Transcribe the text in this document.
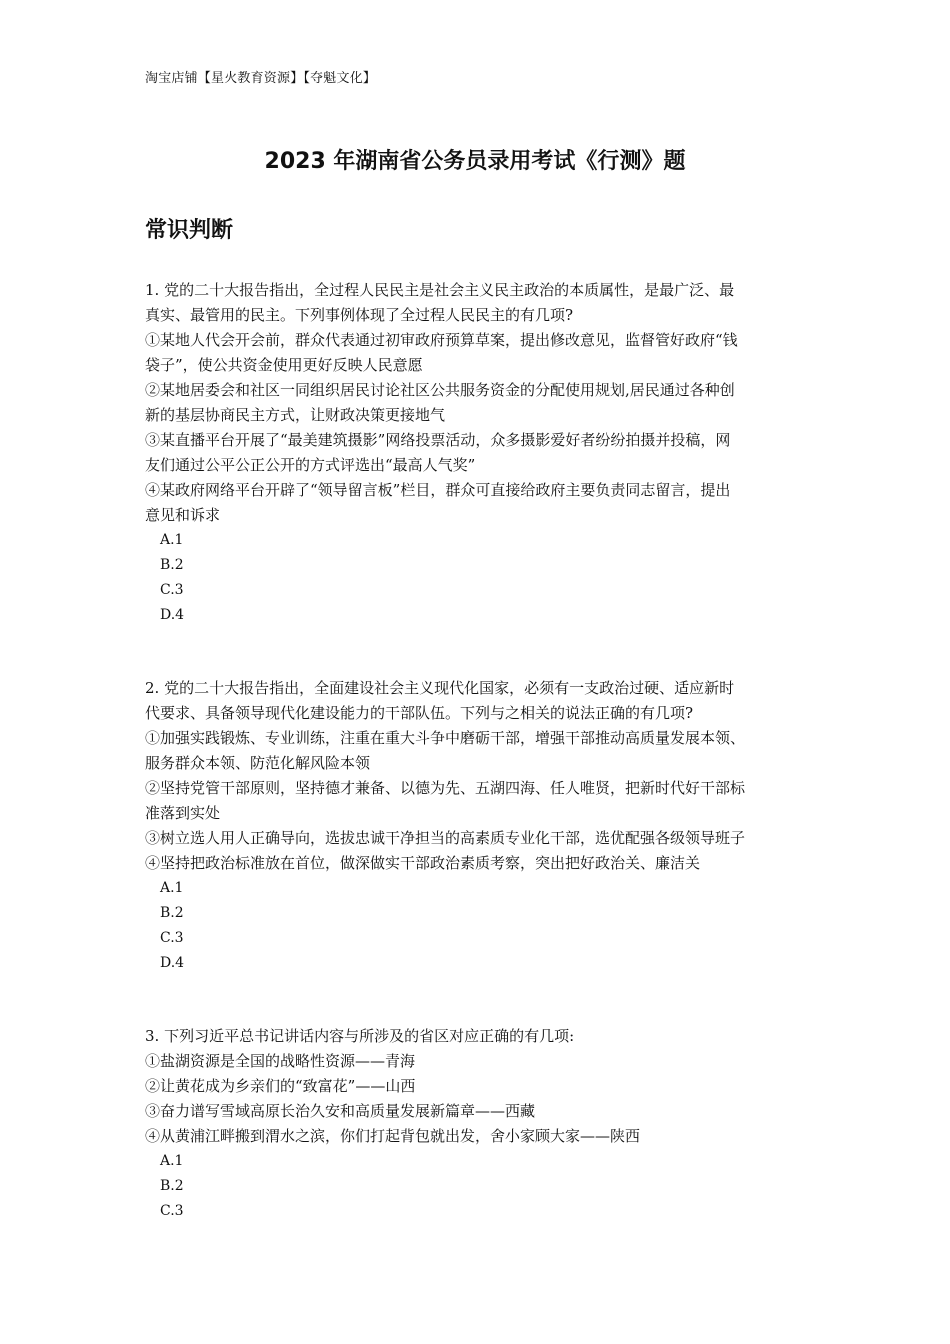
淘宝店铺【星火教育资源】【夺魁文化】
2023 年湖南省公务员录用考试《行测》题
常识判断
1. 党的二十大报告指出，全过程人民民主是社会主义民主政治的本质属性，是最广泛、最
真实、最管用的民主。下列事例体现了全过程人民民主的有几项?
①某地人代会开会前，群众代表通过初审政府预算草案，提出修改意见，监督管好政府“钱
袋子”，使公共资金使用更好反映人民意愿
②某地居委会和社区一同组织居民讨论社区公共服务资金的分配使用规划,居民通过各种创
新的基层协商民主方式，让财政决策更接地气
③某直播平台开展了“最美建筑摄影”网络投票活动，众多摄影爱好者纷纷拍摄并投稿，网
友们通过公平公正公开的方式评选出“最高人气奖”
④某政府网络平台开辟了“领导留言板”栏目，群众可直接给政府主要负责同志留言，提出
意见和诉求
A.1
B.2
C.3
D.4
2. 党的二十大报告指出，全面建设社会主义现代化国家，必须有一支政治过硬、适应新时
代要求、具备领导现代化建设能力的干部队伍。下列与之相关的说法正确的有几项?
①加强实践锻炼、专业训练，注重在重大斗争中磨砺干部，增强干部推动高质量发展本领、
服务群众本领、防范化解风险本领
②坚持党管干部原则，坚持德才兼备、以德为先、五湖四海、任人唯贤，把新时代好干部标
准落到实处
③树立选人用人正确导向，选拔忠诚干净担当的高素质专业化干部，选优配强各级领导班子
④坚持把政治标准放在首位，做深做实干部政治素质考察，突出把好政治关、廉洁关
A.1
B.2
C.3
D.4
3. 下列习近平总书记讲话内容与所涉及的省区对应正确的有几项:
①盐湖资源是全国的战略性资源——青海
②让黄花成为乡亲们的“致富花”——山西
③奋力谱写雪域高原长治久安和高质量发展新篇章——西藏
④从黄浦江畔搬到渭水之滨，你们打起背包就出发，舍小家顾大家——陕西
A.1
B.2
C.3
